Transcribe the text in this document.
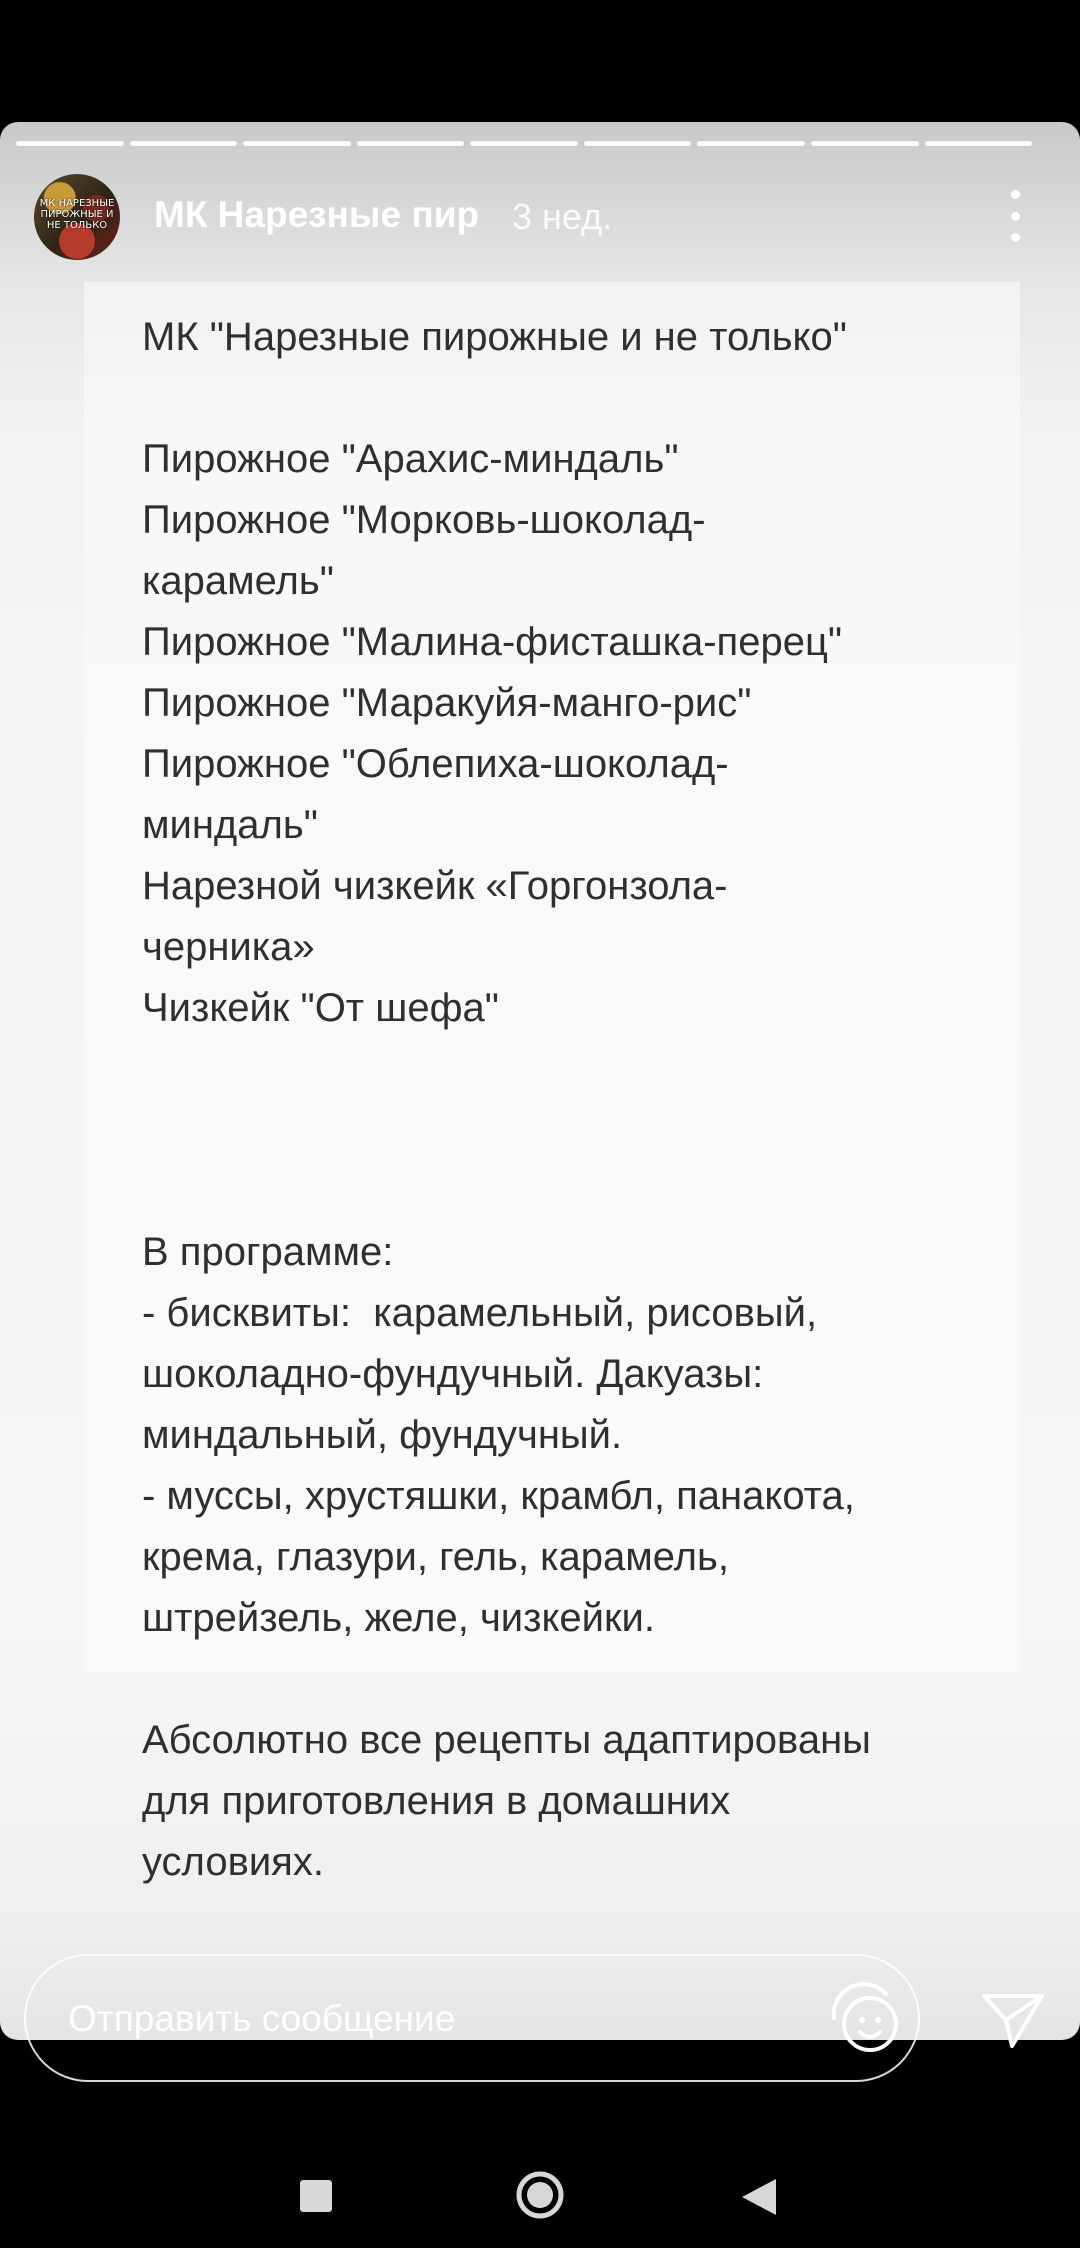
МК НАРЕЗНЫЕ ПИРОЖНЫЕ И НЕ ТОЛЬКО МК Нарезные пир 3 нед.
МК "Нарезные пирожные и не только"
Пирожное "Арахис-миндаль"
Пирожное "Морковь-шоколад-
карамель"
Пирожное "Малина-фисташка-перец"
Пирожное "Маракуйя-манго-рис"
Пирожное "Облепиха-шоколад-
миндаль"
Нарезной чизкейк «Горгонзола-
черника»
Чизкейк "От шефа"
В программе:
- бисквиты:  карамельный, рисовый,
шоколадно-фундучный. Дакуазы:
миндальный, фундучный.
- муссы, хрустяшки, крамбл, панакота,
крема, глазури, гель, карамель,
штрейзель, желе, чизкейки.
Абсолютно все рецепты адаптированы
для приготовления в домашних
условиях.
Отправить сообщение
